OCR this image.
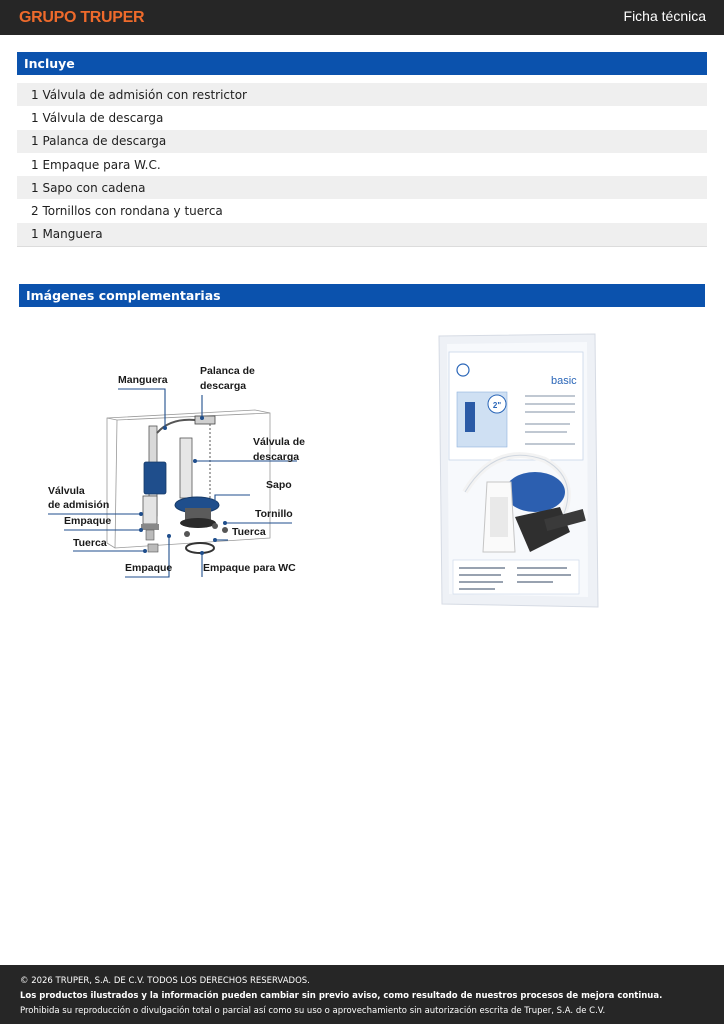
GRUPO TRUPER	Ficha técnica
Incluye
1 Válvula de admisión con restrictor
1 Válvula de descarga
1 Palanca de descarga
1 Empaque para W.C.
1 Sapo con cadena
2 Tornillos con rondana y tuerca
1 Manguera
Imágenes complementarias
Manguera
Palanca de
descarga
Válvula de
descarga
Válvula
de admisión
Sapo
Tornillo
Empaque
Tuerca
Tuerca
Empaque	Empaque para WC
2"
basic
© 2026 TRUPER, S.A. DE C.V. TODOS LOS DERECHOS RESERVADOS.
Los productos ilustrados y la información pueden cambiar sin previo aviso, como resultado de nuestros procesos de mejora continua.
Prohibida su reproducción o divulgación total o parcial así como su uso o aprovechamiento sin autorización escrita de Truper, S.A. de C.V.
